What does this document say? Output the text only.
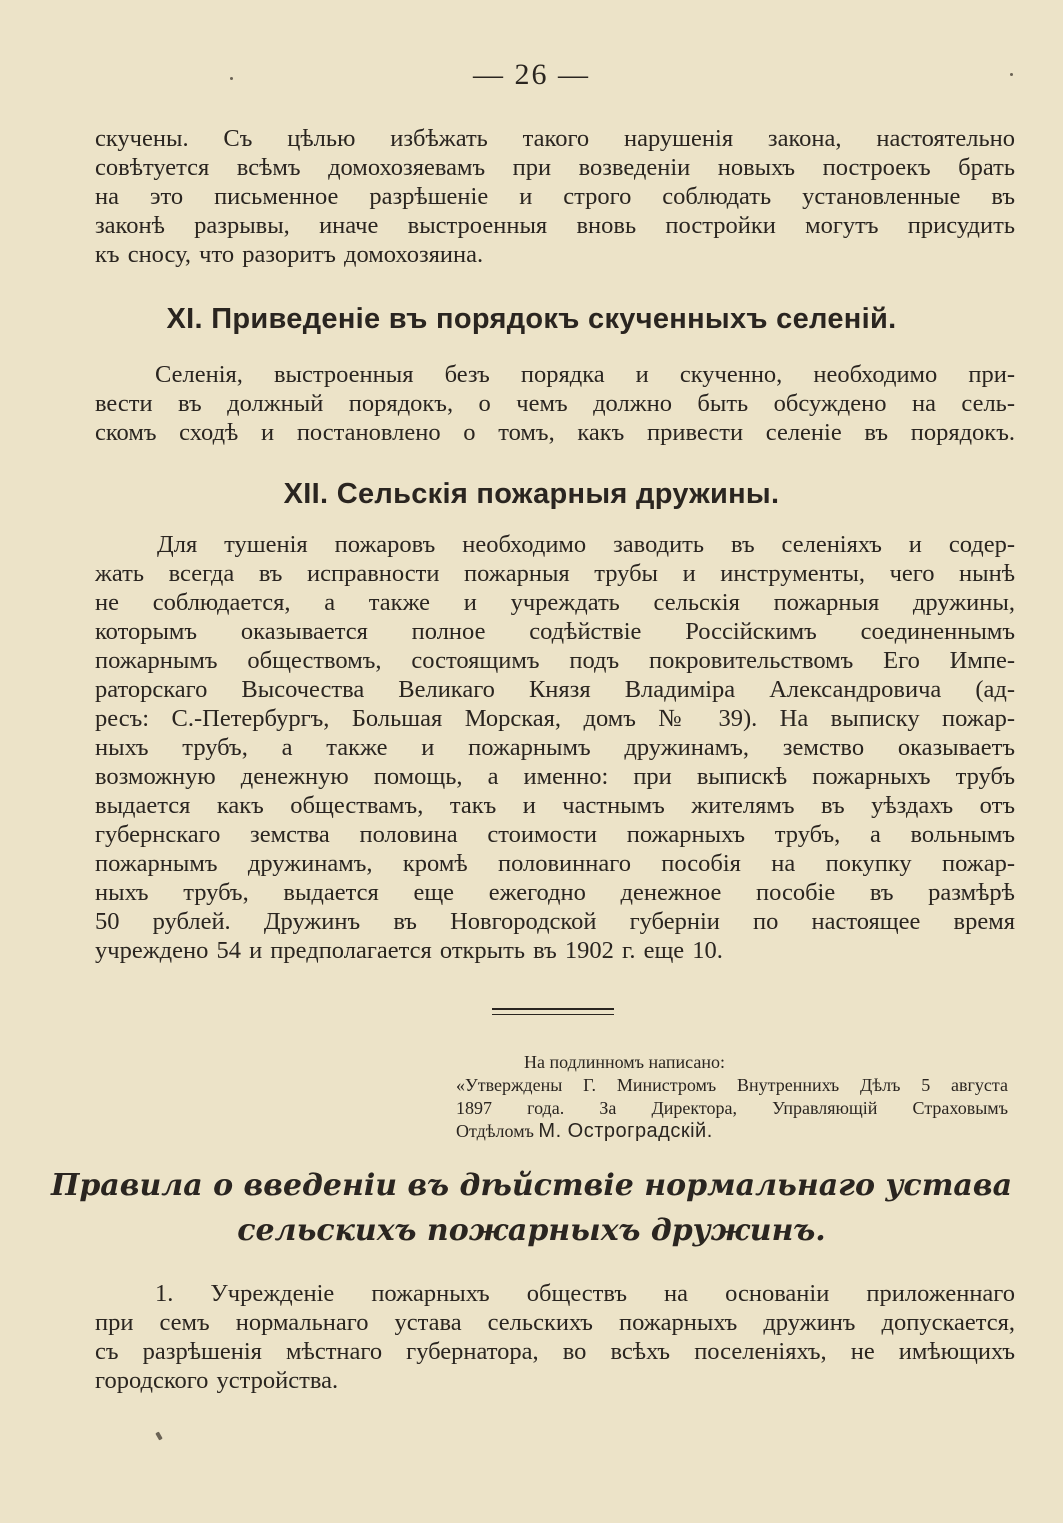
— 26 —
скучены. Съ цѣлью избѣжать такого нарушенія закона, настоятельно
совѣтуется всѣмъ домохозяевамъ при возведеніи новыхъ построекъ брать
на это письменное разрѣшеніе и строго соблюдать установленные въ
законѣ разрывы, иначе выстроенныя вновь постройки могутъ присудить
къ сносу, что разоритъ домохозяина.
XI. Приведеніе въ порядокъ скученныхъ селеній.
Селенія, выстроенныя безъ порядка и скученно, необходимо при-
вести въ должный порядокъ, о чемъ должно быть обсуждено на сель-
скомъ сходѣ и постановлено о томъ, какъ привести селеніе въ порядокъ.
XII. Сельскія пожарныя дружины.
Для тушенія пожаровъ необходимо заводить въ селеніяхъ и содер-
жать всегда въ исправности пожарныя трубы и инструменты, чего нынѣ
не соблюдается, а также и учреждать сельскія пожарныя дружины,
которымъ оказывается полное содѣйствіе Россійскимъ соединеннымъ
пожарнымъ обществомъ, состоящимъ подъ покровительствомъ Его Импе-
раторскаго Высочества Великаго Князя Владиміра Александровича (ад-
ресъ: С.-Петербургъ, Большая Морская, домъ № 39). На выписку пожар-
ныхъ трубъ, а также и пожарнымъ дружинамъ, земство оказываетъ
возможную денежную помощь, а именно: при выпискѣ пожарныхъ трубъ
выдается какъ обществамъ, такъ и частнымъ жителямъ въ уѣздахъ отъ
губернскаго земства половина стоимости пожарныхъ трубъ, а вольнымъ
пожарнымъ дружинамъ, кромѣ половиннаго пособія на покупку пожар-
ныхъ трубъ, выдается еще ежегодно денежное пособіе въ размѣрѣ
50 рублей. Дружинъ въ Новгородской губерніи по настоящее время
учреждено 54 и предполагается открыть въ 1902 г. еще 10.
На подлинномъ написано:
«Утверждены Г. Министромъ Внутреннихъ Дѣлъ 5 августа
1897 года. За Директора, Управляющій Страховымъ
Отдѣломъ М. Остроградскій.
Правила о введеніи въ дѣйствіе нормальнаго устава
сельскихъ пожарныхъ дружинъ.
1. Учрежденіе пожарныхъ обществъ на основаніи приложеннаго
при семъ нормальнаго устава сельскихъ пожарныхъ дружинъ допускается,
съ разрѣшенія мѣстнаго губернатора, во всѣхъ поселеніяхъ, не имѣющихъ
городского устройства.
